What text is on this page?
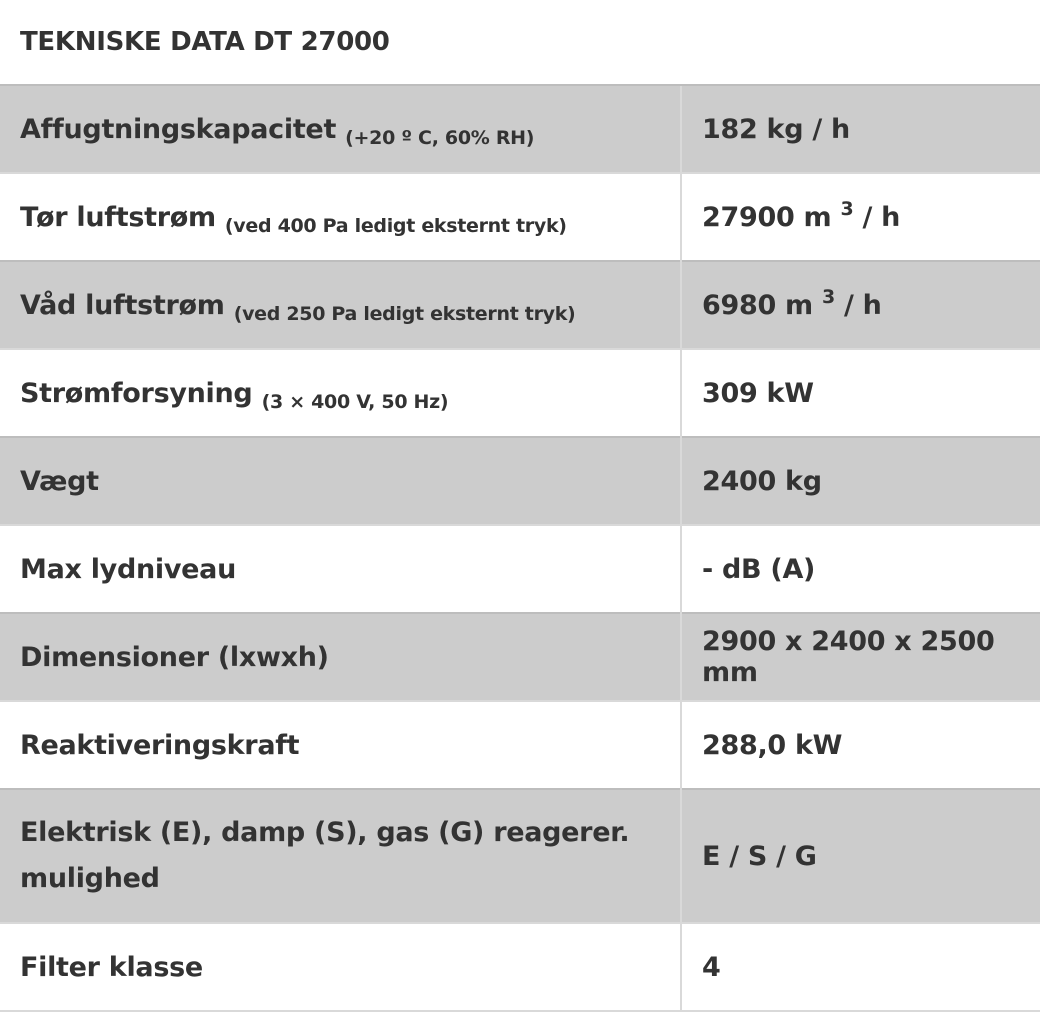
TEKNISKE DATA DT 27000
Affugtningskapacitet $_{(+20 º C, 60\% RH)}$	182 kg / h
Tør luftstrøm $_{(ved 400 Pa ledigt eksternt tryk)}$	27900 m $^3$ / h
Våd luftstrøm $_{(ved 250 Pa ledigt eksternt tryk)}$	6980 m $^3$ / h
Strømforsyning $_{(3 \times 400 V, 50 Hz)}$	309 kW
Vægt	2400 kg
Max lydniveau	- dB (A)
Dimensioner (lxwxh)	2900 x 2400 x 2500 mm
Reaktiveringskraft	288,0 kW
Elektrisk (E), damp (S), gas (G) reagerer. mulighed	E / S / G
Filter klasse	4
